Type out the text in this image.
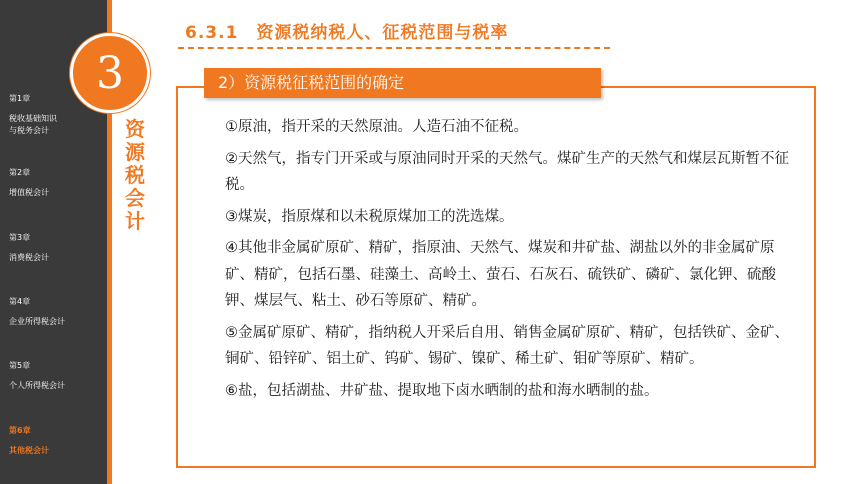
第1章
税收基础知识
与税务会计
第2章
增值税会计
第3章
消费税会计
第4章
企业所得税会计
第5章
个人所得税会计
第6章
其他税会计
3
资源税会计
6.3.1　资源税纳税人、征税范围与税率
2）资源税征税范围的确定

①原油，指开采的天然原油。人造石油不征税。

②天然气，指专门开采或与原油同时开采的天然气。煤矿生产的天然气和煤层瓦斯暂不征税。

③煤炭，指原煤和以未税原煤加工的洗选煤。

④其他非金属矿原矿、精矿，指原油、天然气、煤炭和井矿盐、湖盐以外的非金属矿原矿、精矿，包括石墨、硅藻土、高岭土、萤石、石灰石、硫铁矿、磷矿、氯化钾、硫酸钾、煤层气、粘土、砂石等原矿、精矿。

⑤金属矿原矿、精矿，指纳税人开采后自用、销售金属矿原矿、精矿，包括铁矿、金矿、铜矿、铅锌矿、铝土矿、钨矿、锡矿、镍矿、稀土矿、钼矿等原矿、精矿。

⑥盐，包括湖盐、井矿盐、提取地下卤水晒制的盐和海水晒制的盐。
